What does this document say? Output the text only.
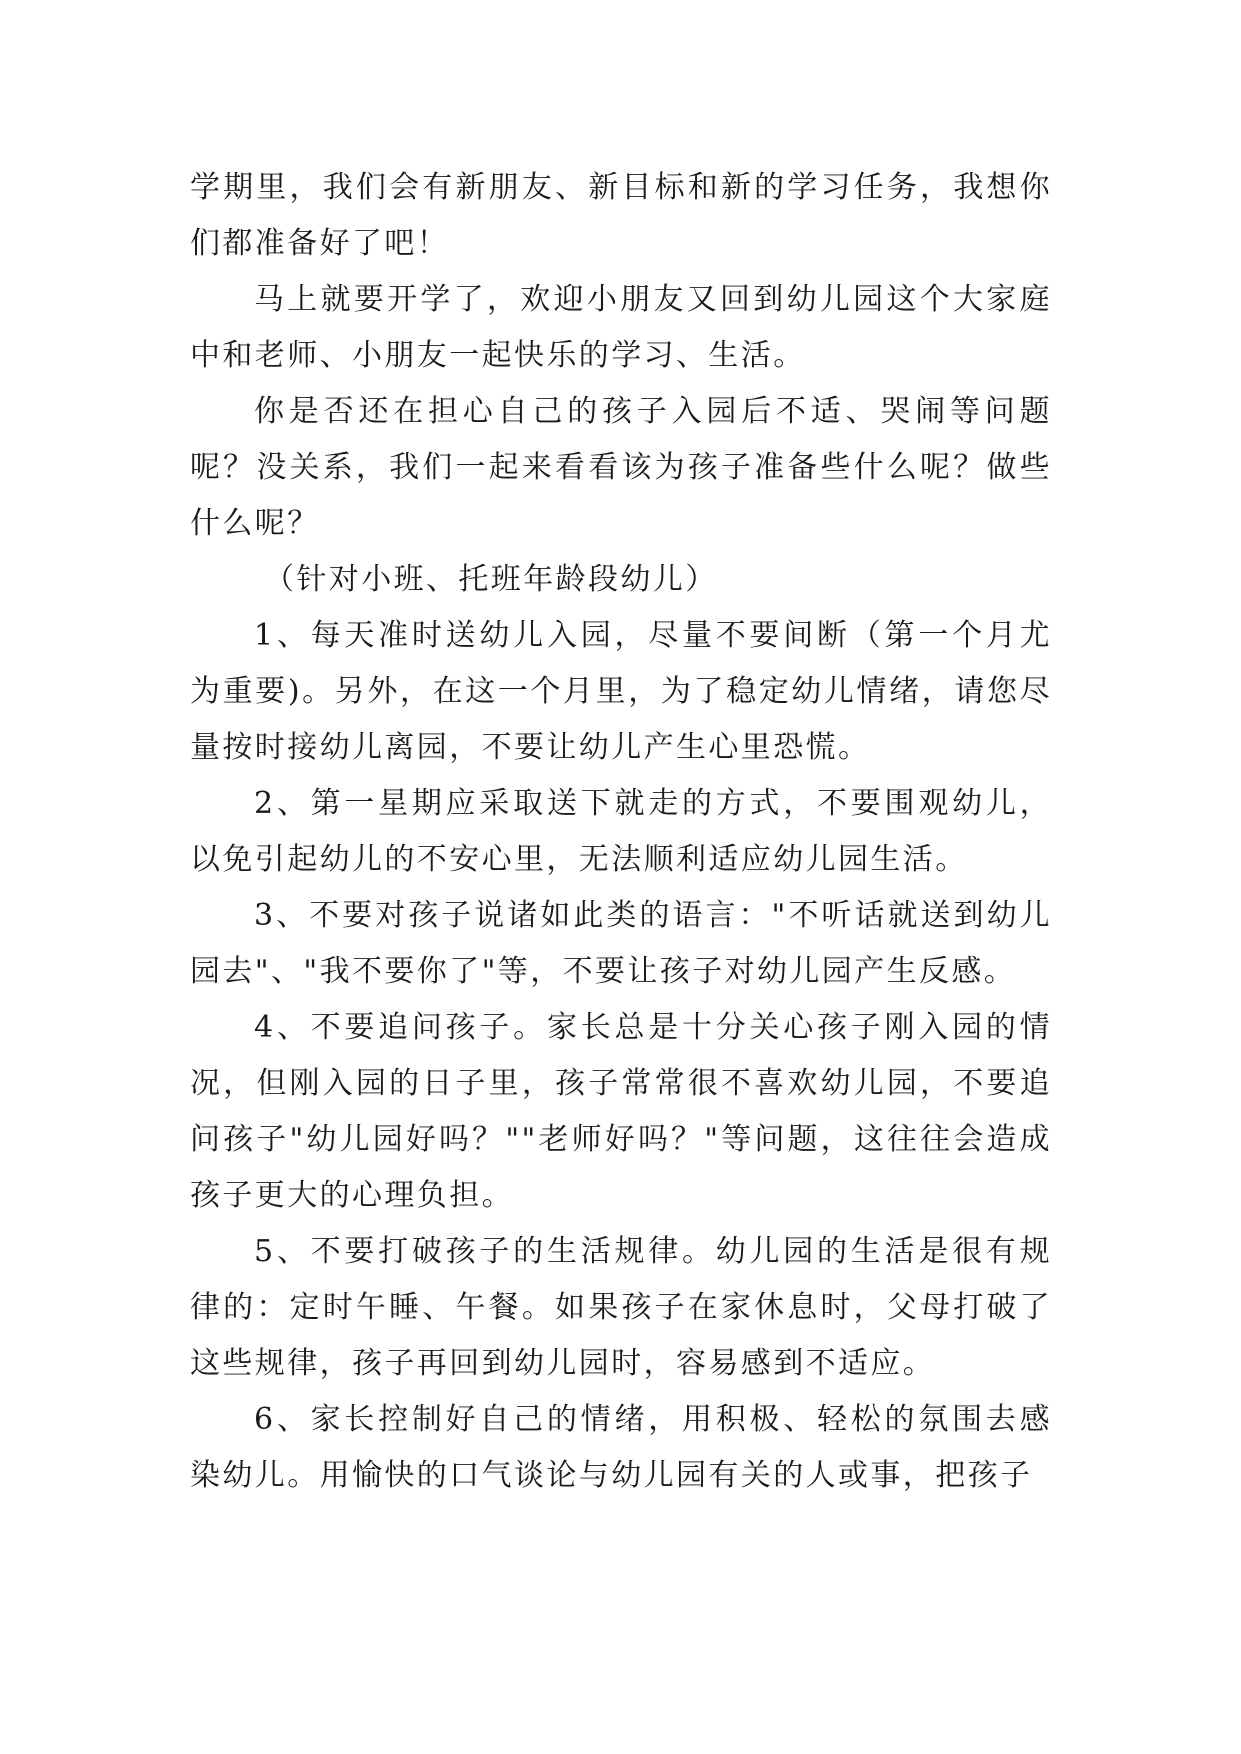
学期里，我们会有新朋友、新目标和新的学习任务，我想你们都准备好了吧！

马上就要开学了，欢迎小朋友又回到幼儿园这个大家庭中和老师、小朋友一起快乐的学习、生活。

你是否还在担心自己的孩子入园后不适、哭闹等问题呢？没关系，我们一起来看看该为孩子准备些什么呢？做些什么呢？

（针对小班、托班年龄段幼儿）

1、每天准时送幼儿入园，尽量不要间断（第一个月尤为重要)。另外，在这一个月里，为了稳定幼儿情绪，请您尽量按时接幼儿离园，不要让幼儿产生心里恐慌。

2、第一星期应采取送下就走的方式，不要围观幼儿，以免引起幼儿的不安心里，无法顺利适应幼儿园生活。

3、不要对孩子说诸如此类的语言："不听话就送到幼儿园去"、"我不要你了"等，不要让孩子对幼儿园产生反感。

4、不要追问孩子。家长总是十分关心孩子刚入园的情况，但刚入园的日子里，孩子常常很不喜欢幼儿园，不要追问孩子"幼儿园好吗？""老师好吗？"等问题，这往往会造成孩子更大的心理负担。

5、不要打破孩子的生活规律。幼儿园的生活是很有规律的：定时午睡、午餐。如果孩子在家休息时，父母打破了这些规律，孩子再回到幼儿园时，容易感到不适应。

6、家长控制好自己的情绪，用积极、轻松的氛围去感染幼儿。用愉快的口气谈论与幼儿园有关的人或事，把孩子
